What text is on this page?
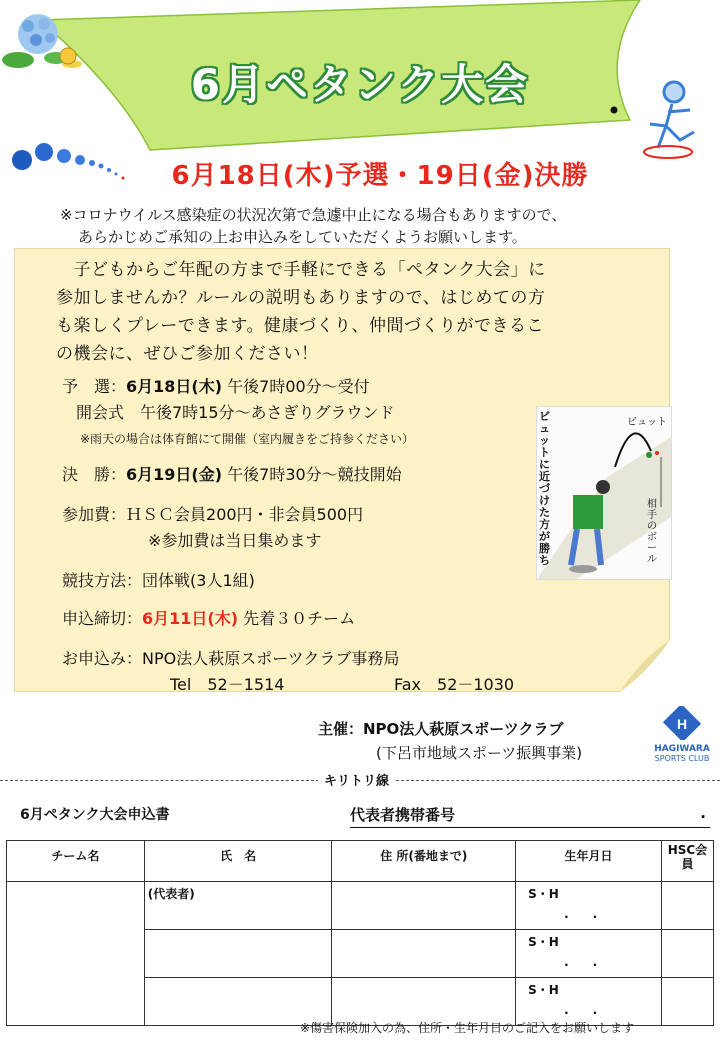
6月ペタンク大会
6月18日(木)予選・19日(金)決勝
※コロナウイルス感染症の状況次第で急遽中止になる場合もありますので、
あらかじめご承知の上お申込みをしていただくようお願いします。
　子どもからご年配の方まで手軽にできる「ペタンク大会」に
参加しませんか？ルールの説明もありますので、はじめての方
も楽しくプレーできます。健康づくり、仲間づくりができるこ
の機会に、ぜひご参加ください！
予　選：6月18日(木) 午後7時00分～受付
開会式　午後7時15分～あさぎりグラウンド
※雨天の場合は体育館にて開催（室内履きをご持参ください）
決　勝：6月19日(金) 午後7時30分～競技開始
参加費：ＨＳＣ会員200円・非会員500円
※参加費は当日集めます
競技方法：団体戦(3人1組)
申込締切：6月11日(木) 先着３０チーム
お申込み：NPO法人萩原スポーツクラブ事務局
Tel　52－1514	Fax　52－1030
ビュットに近づけた方が勝ち
ビュット
相手のボール
主催：NPO法人萩原スポーツクラブ
(下呂市地域スポーツ振興事業)
H
HAGIWARA
SPORTS CLUB
キリトリ線
6月ペタンク大会申込書	代表者携帯番号	.
チーム名	氏　名	住 所(番地まで)	生年月日	HSC会員
	(代表者)		S・H
.　　.	

			S・H
.　　.	

			S・H
.　　.	

※傷害保険加入の為、住所・生年月日のご記入をお願いします
